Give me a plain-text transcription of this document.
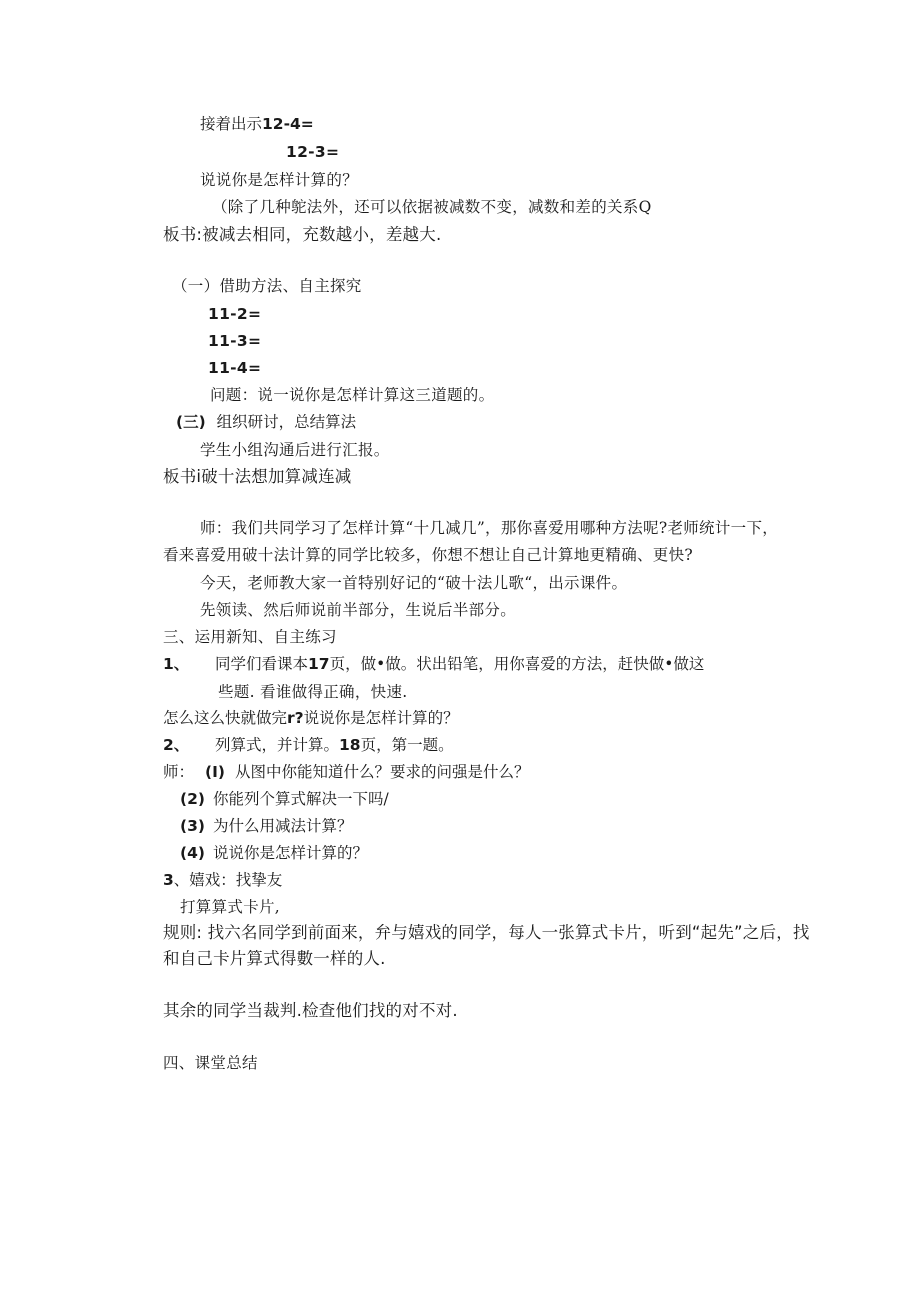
接着出示12-4=
12-3=
说说你是怎样计算的？
（除了几种鸵法外，还可以依据被减数不变，减数和差的关系Q
板书:被减去相同，充数越小，差越大.
（一）借助方法、自主探究
11-2=
11-3=
11-4=
问题：说一说你是怎样计算这三道题的。
(三) 组织研讨，总结算法
学生小组沟通后进行汇报。
板书i破十法想加算减连减
师：我们共同学习了怎样计算“十几减几”，那你喜爱用哪种方法呢?老师统计一下，
看来喜爱用破十法计算的同学比较多，你想不想让自己计算地更精确、更快?
今天，老师教大家一首特别好记的“破十法儿歌“，出示课件。
先领读、然后师说前半部分，生说后半部分。
三、运用新知、自主练习
1、 同学们看课本17页，做•做。状出铅笔，用你喜爱的方法，赶快做•做这
些题. 看谁做得正确，快速.
怎么这么快就做完r?说说你是怎样计算的？
2、 列算式，并计算。18页，第一题。
师： (I) 从图中你能知道什么？要求的问强是什么？
(2) 你能列个算式解决一下吗/
(3) 为什么用减法计算？
(4) 说说你是怎样计算的？
3、嬉戏：找挚友
打算算式卡片,
规则: 找六名同学到前面来，弁与嬉戏的同学，每人一张算式卡片，听到“起先”之后，找
和自己卡片算式得數一样的人.
其余的同学当裁判.检查他们找的对不对.
四、课堂总结
